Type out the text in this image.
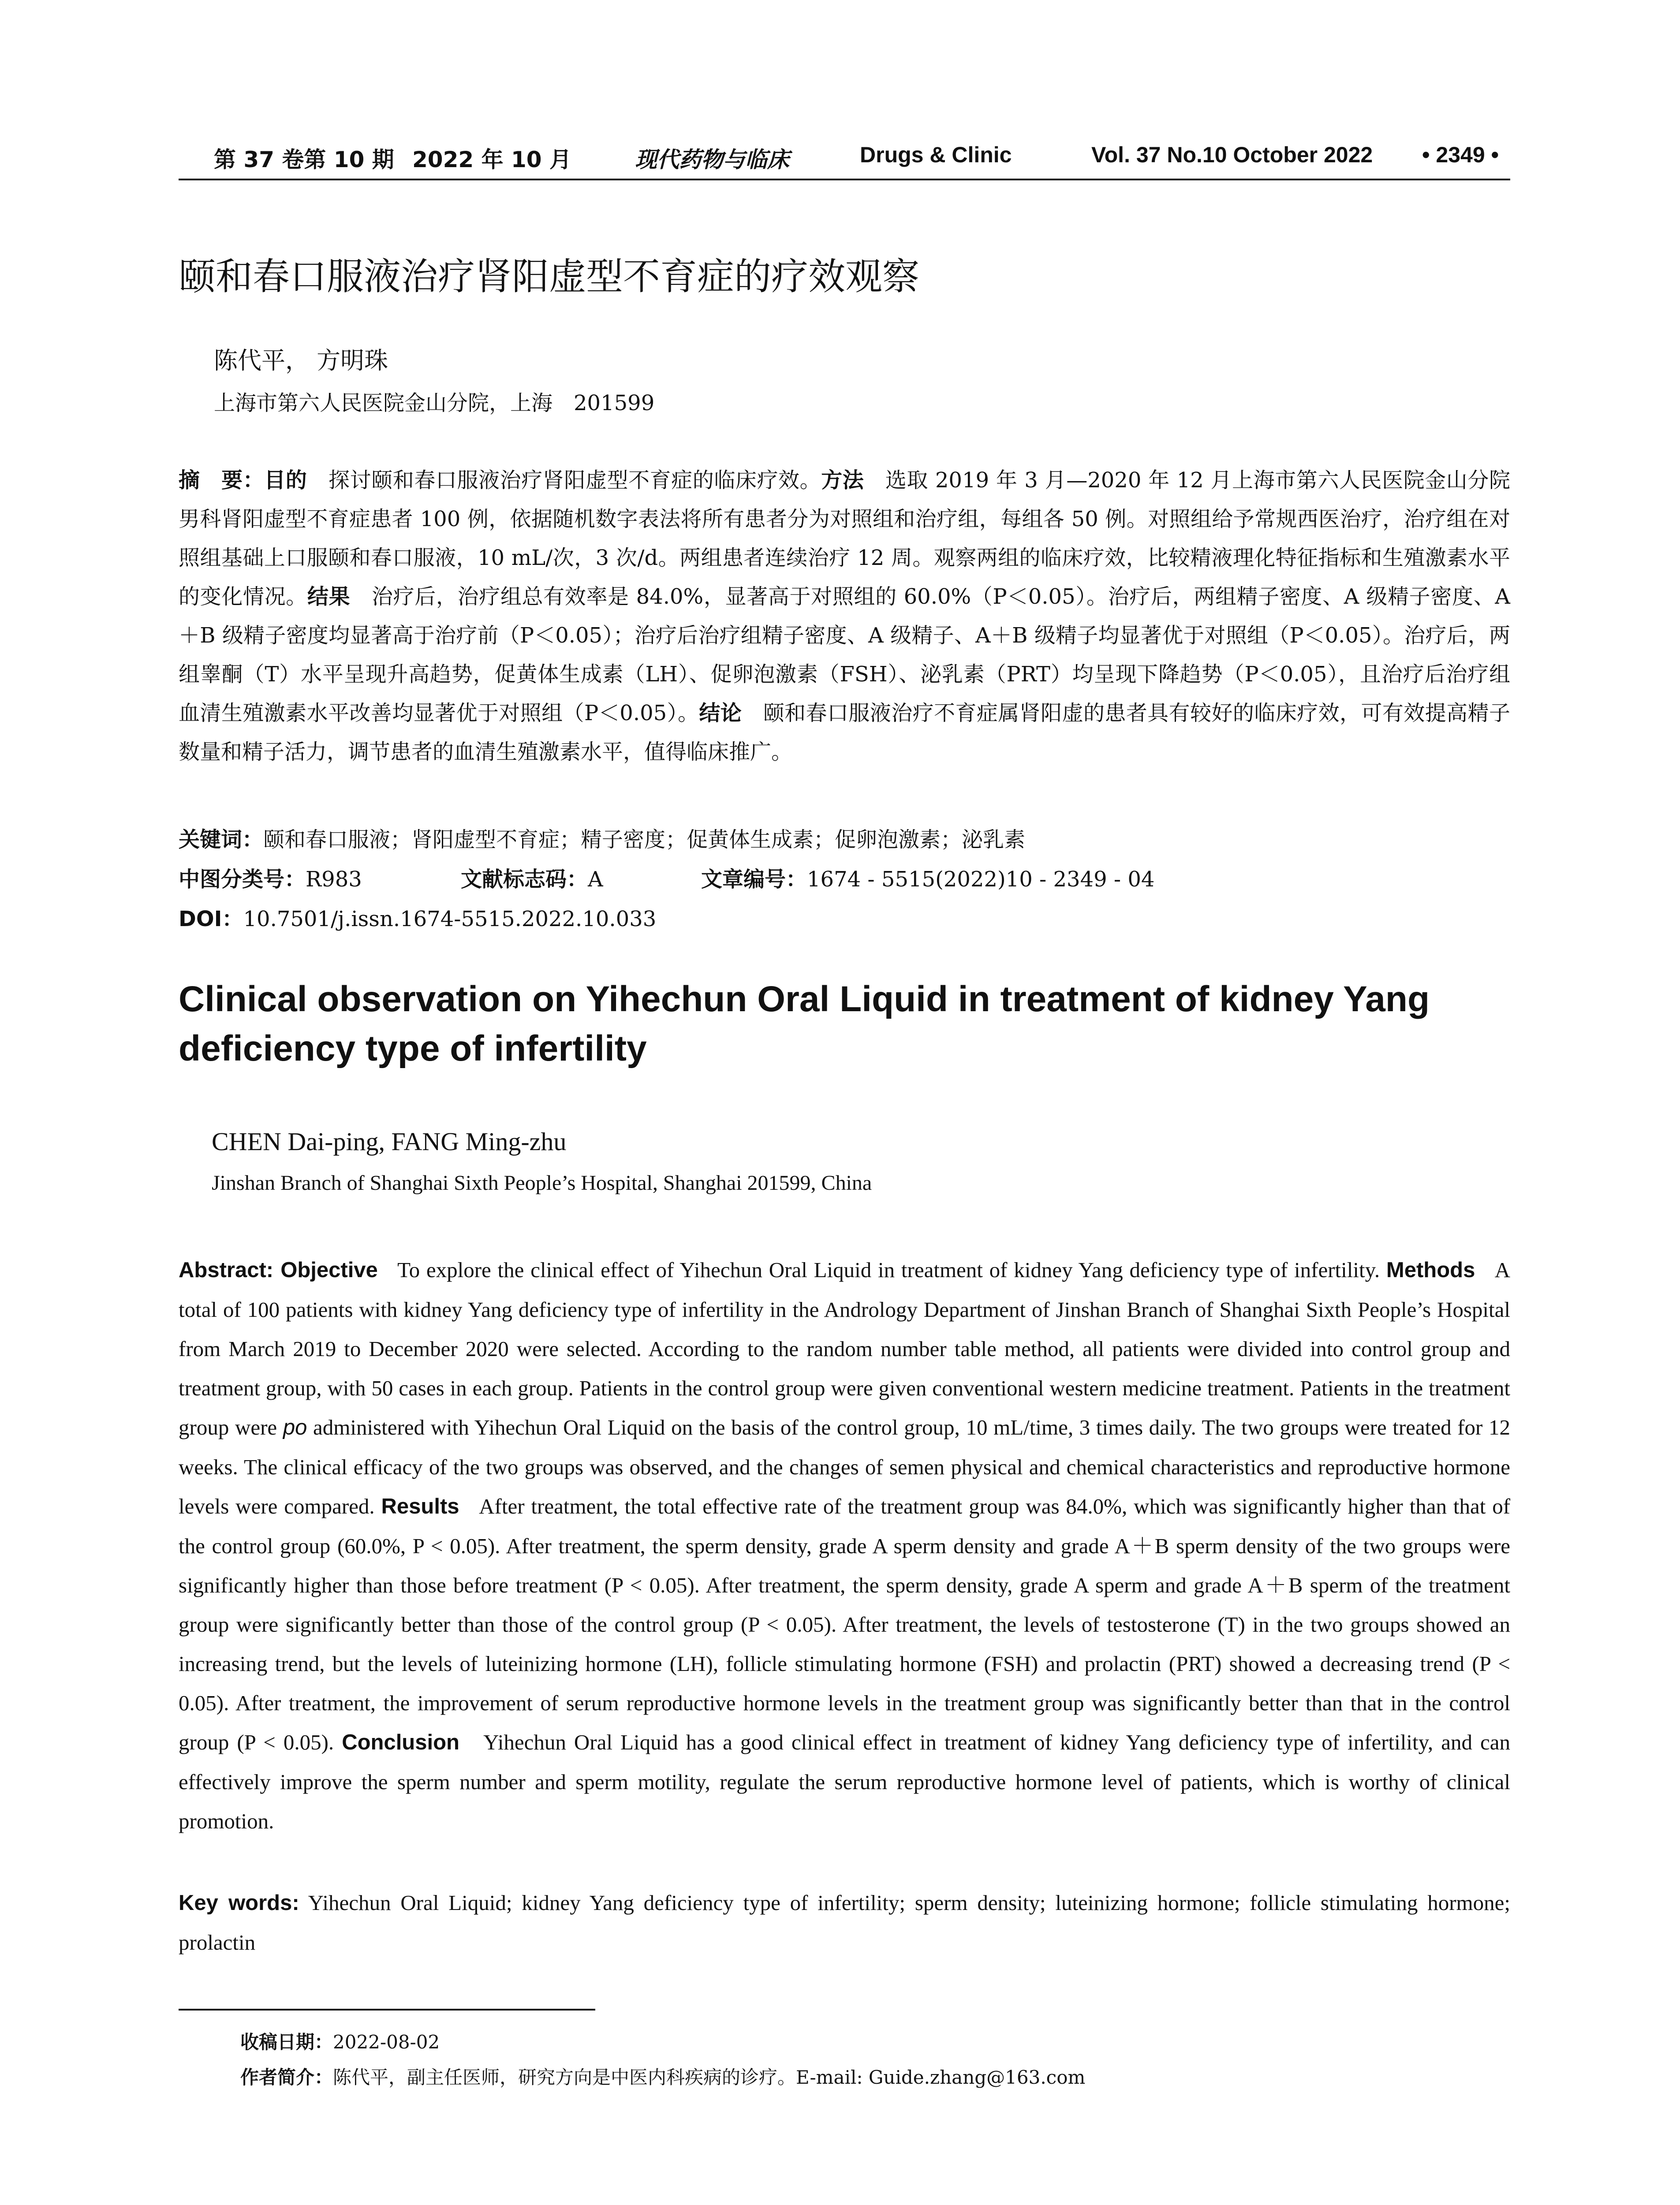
第 37 卷第 10 期 2022 年 10 月	现代药物与临床	Drugs & Clinic	Vol. 37 No.10 October 2022 • 2349 •
颐和春口服液治疗肾阳虚型不育症的疗效观察
陈代平， 方明珠
上海市第六人民医院金山分院，上海　201599
摘　要：目的　 探讨颐和春口服液治疗肾阳虚型不育症的临床疗效。方法　 选取 2019 年 3 月—2020 年 12 月上海市第六人民医院金山分院男科肾阳虚型不育症患者 100 例，依据随机数字表法将所有患者分为对照组和治疗组，每组各 50 例。对照组给予常规西医治疗，治疗组在对照组基础上口服颐和春口服液，10 mL/次，3 次/d。两组患者连续治疗 12 周。观察两组的临床疗效，比较精液理化特征指标和生殖激素水平的变化情况。结果　 治疗后，治疗组总有效率是 84.0%，显著高于对照组的 60.0%（P＜0.05）。治疗后，两组精子密度、A 级精子密度、A＋B 级精子密度均显著高于治疗前（P＜0.05）；治疗后治疗组精子密度、A 级精子、A＋B 级精子均显著优于对照组（P＜0.05）。治疗后，两组睾酮（T）水平呈现升高趋势，促黄体生成素（LH）、促卵泡激素（FSH）、泌乳素（PRT）均呈现下降趋势（P＜0.05），且治疗后治疗组血清生殖激素水平改善均显著优于对照组（P＜0.05）。结论　 颐和春口服液治疗不育症属肾阳虚的患者具有较好的临床疗效，可有效提高精子数量和精子活力，调节患者的血清生殖激素水平，值得临床推广。
关键词：颐和春口服液；肾阳虚型不育症；精子密度；促黄体生成素；促卵泡激素；泌乳素
中图分类号：R983	文献标志码：A	文章编号：1674 - 5515(2022)10 - 2349 - 04
DOI：10.7501/j.issn.1674-5515.2022.10.033
Clinical observation on Yihechun Oral Liquid in treatment of kidney Yang deficiency type of infertility
CHEN Dai-ping, FANG Ming-zhu
Jinshan Branch of Shanghai Sixth People’s Hospital, Shanghai 201599, China
Abstract: Objective To explore the clinical effect of Yihechun Oral Liquid in treatment of kidney Yang deficiency type of infertility. Methods A total of 100 patients with kidney Yang deficiency type of infertility in the Andrology Department of Jinshan Branch of Shanghai Sixth People’s Hospital from March 2019 to December 2020 were selected. According to the random number table method, all patients were divided into control group and treatment group, with 50 cases in each group. Patients in the control group were given conventional western medicine treatment. Patients in the treatment group were po administered with Yihechun Oral Liquid on the basis of the control group, 10 mL/time, 3 times daily. The two groups were treated for 12 weeks. The clinical efficacy of the two groups was observed, and the changes of semen physical and chemical characteristics and reproductive hormone levels were compared. Results After treatment, the total effective rate of the treatment group was 84.0%, which was significantly higher than that of the control group (60.0%, P < 0.05). After treatment, the sperm density, grade A sperm density and grade A＋B sperm density of the two groups were significantly higher than those before treatment (P < 0.05). After treatment, the sperm density, grade A sperm and grade A＋B sperm of the treatment group were significantly better than those of the control group (P < 0.05). After treatment, the levels of testosterone (T) in the two groups showed an increasing trend, but the levels of luteinizing hormone (LH), follicle stimulating hormone (FSH) and prolactin (PRT) showed a decreasing trend (P < 0.05). After treatment, the improvement of serum reproductive hormone levels in the treatment group was significantly better than that in the control group (P < 0.05). Conclusion Yihechun Oral Liquid has a good clinical effect in treatment of kidney Yang deficiency type of infertility, and can effectively improve the sperm number and sperm motility, regulate the serum reproductive hormone level of patients, which is worthy of clinical promotion.
Key words: Yihechun Oral Liquid; kidney Yang deficiency type of infertility; sperm density; luteinizing hormone; follicle stimulating hormone; prolactin
收稿日期：2022-08-02
作者简介：陈代平，副主任医师，研究方向是中医内科疾病的诊疗。E-mail: Guide.zhang@163.com
